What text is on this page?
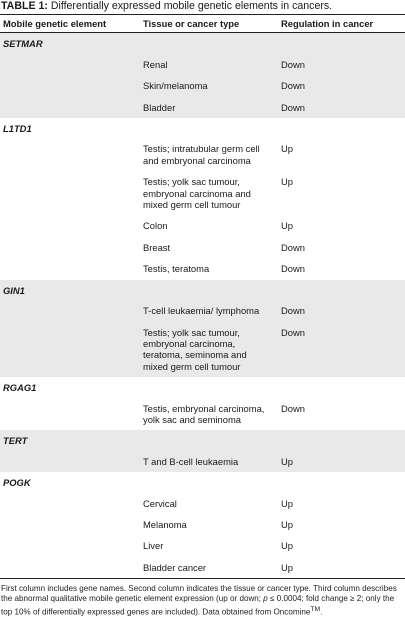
TABLE 1: Differentially expressed mobile genetic elements in cancers.
Mobile genetic element	Tissue or cancer type	Regulation in cancer
SETMAR		
	Renal	Down
	Skin/melanoma	Down
	Bladder	Down
L1TD1		
	Testis; intratubular germ cell and embryonal carcinoma	Up
	Testis; yolk sac tumour, embryonal carcinoma and mixed germ cell tumour	Up
	Colon	Up
	Breast	Down
	Testis, teratoma	Down
GIN1		
	T-cell leukaemia/ lymphoma	Down
	Testis; yolk sac tumour, embryonal carcinoma, teratoma, seminoma and mixed germ cell tumour	Down
RGAG1		
	Testis, embryonal carcinoma, yolk sac and seminoma	Down
TERT		
	T and B-cell leukaemia	Up
POGK		
	Cervical	Up
	Melanoma	Up
	Liver	Up
	Bladder cancer	Up
First column includes gene names. Second column indicates the tissue or cancer type. Third column describes the abnormal qualitative mobile genetic element expression (up or down; p ≤ 0.0004; fold change ≥ 2; only the top 10% of differentially expressed genes are included). Data obtained from Oncomine™.
